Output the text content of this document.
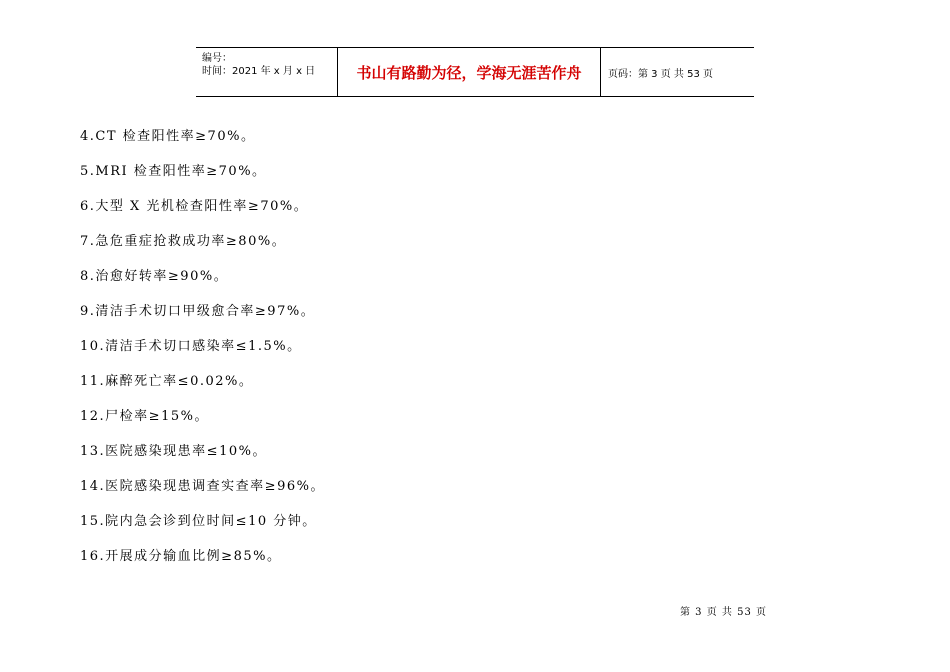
编号：
时间：2021 年 x 月 x 日	书山有路勤为径，学海无涯苦作舟	页码：第 3 页 共 53 页
4.CT 检查阳性率≥70%。
5.MRI 检查阳性率≥70%。
6.大型 X 光机检查阳性率≥70%。
7.急危重症抢救成功率≥80%。
8.治愈好转率≥90%。
9.清洁手术切口甲级愈合率≥97%。
10.清洁手术切口感染率≤1.5%。
11.麻醉死亡率≤0.02%。
12.尸检率≥15%。
13.医院感染现患率≤10%。
14.医院感染现患调查实查率≥96%。
15.院内急会诊到位时间≤10 分钟。
16.开展成分输血比例≥85%。
第 3 页 共 53 页
